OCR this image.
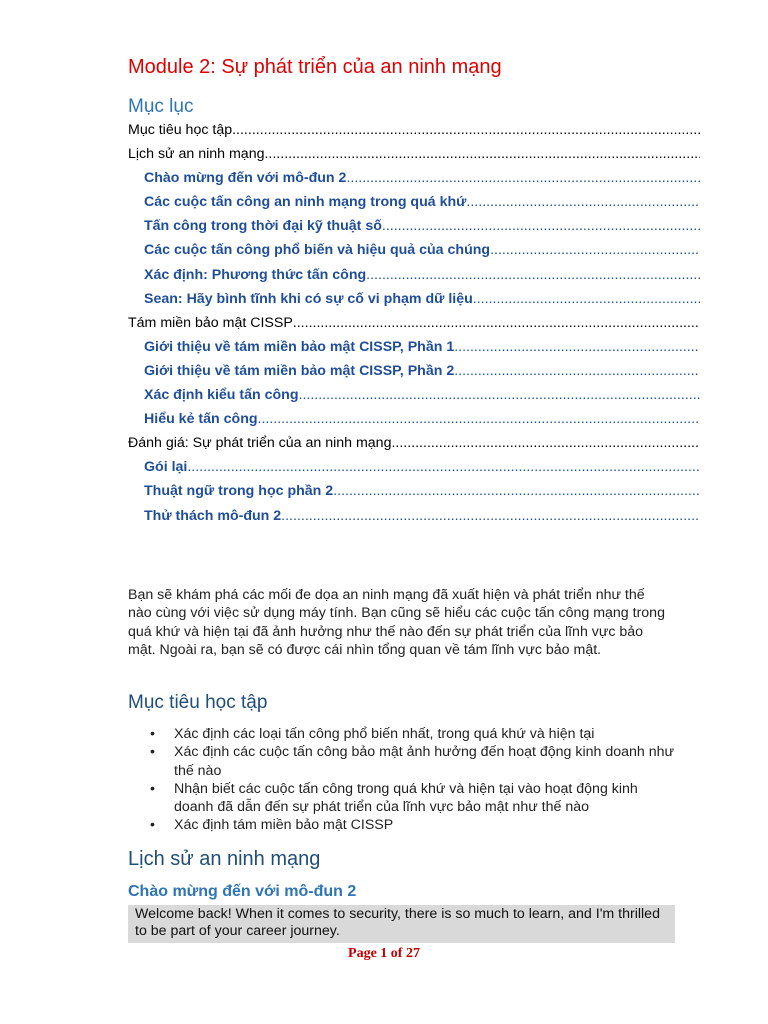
Module 2: Sự phát triển của an ninh mạng
Mục lục
Mục tiêu học tập
.....
Lịch sử an ninh mạng
.....
Chào mừng đến với mô-đun 2
.....
Các cuộc tấn công an ninh mạng trong quá khứ
.....
Tấn công trong thời đại kỹ thuật số
.....
Các cuộc tấn công phổ biến và hiệu quả của chúng
.....
Xác định: Phương thức tấn công
.....
Sean: Hãy bình tĩnh khi có sự cố vi phạm dữ liệu
.....
Tám miền bảo mật CISSP
.....
Giới thiệu về tám miền bảo mật CISSP, Phần 1
.....
Giới thiệu về tám miền bảo mật CISSP, Phần 2
.....
Xác định kiểu tấn công
.....
Hiểu kẻ tấn công
.....
Đánh giá: Sự phát triển của an ninh mạng
.....
Gói lại
.....
Thuật ngữ trong học phần 2
.....
Thử thách mô-đun 2
.....

Bạn sẽ khám phá các mối đe dọa an ninh mạng đã xuất hiện và phát triển như thế nào cùng với việc sử dụng máy tính. Bạn cũng sẽ hiểu các cuộc tấn công mạng trong quá khứ và hiện tại đã ảnh hưởng như thế nào đến sự phát triển của lĩnh vực bảo mật. Ngoài ra, bạn sẽ có được cái nhìn tổng quan về tám lĩnh vực bảo mật.

Mục tiêu học tập
• Xác định các loại tấn công phổ biến nhất, trong quá khứ và hiện tại
• Xác định các cuộc tấn công bảo mật ảnh hưởng đến hoạt động kinh doanh như thế nào
• Nhận biết các cuộc tấn công trong quá khứ và hiện tại vào hoạt động kinh doanh đã dẫn đến sự phát triển của lĩnh vực bảo mật như thế nào
• Xác định tám miền bảo mật CISSP
Lịch sử an ninh mạng
Chào mừng đến với mô-đun 2
Welcome back! When it comes to security, there is so much to learn, and I'm thrilled to be part of your career journey.
Page 1 of 27
